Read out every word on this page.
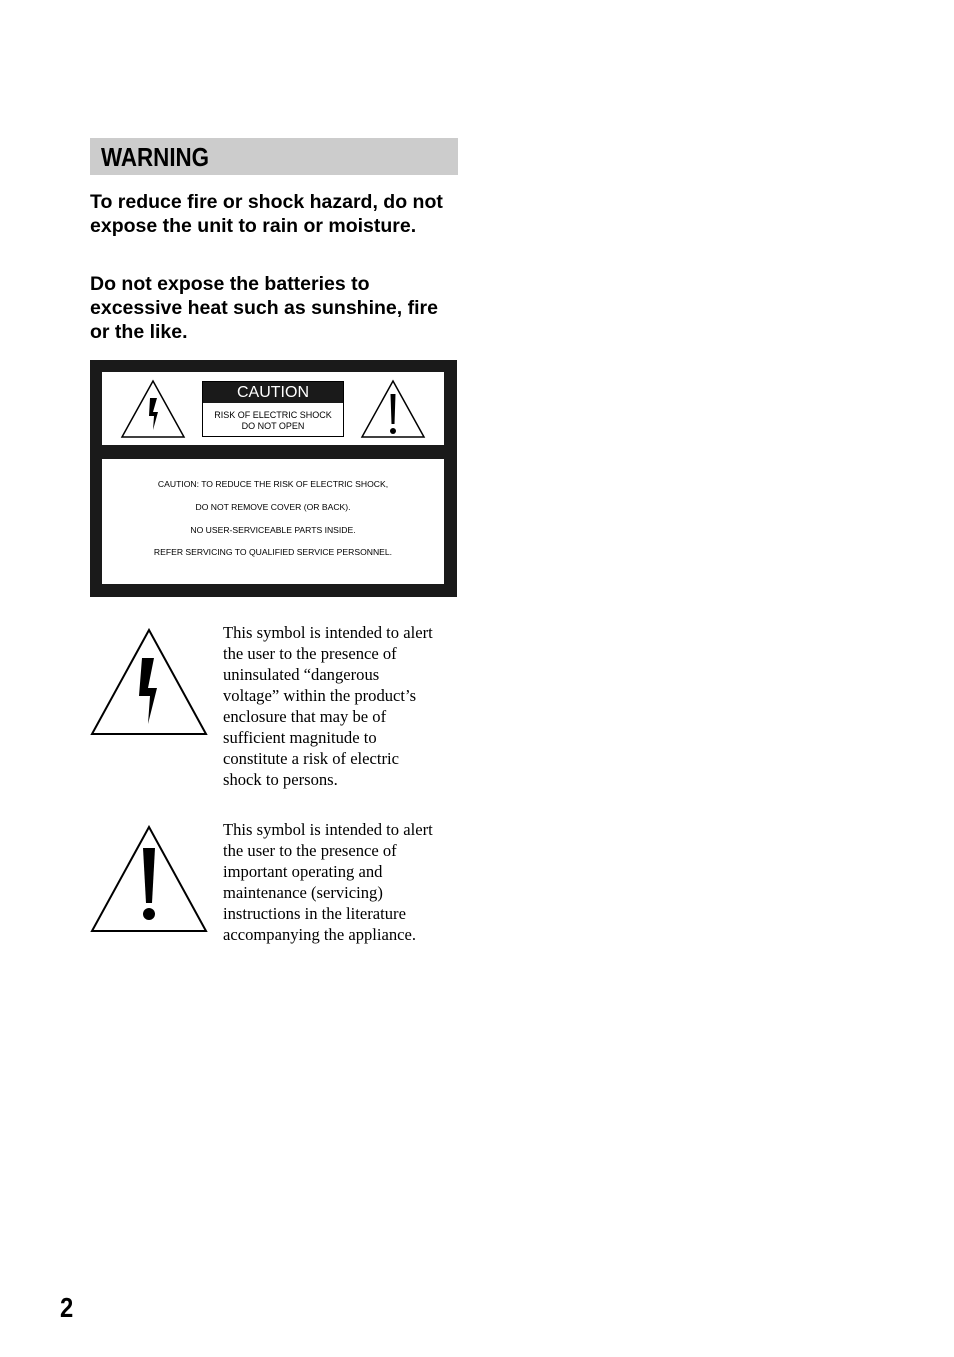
WARNING

To reduce fire or shock hazard, do not expose the unit to rain or moisture.

Do not expose the batteries to excessive heat such as sunshine, fire or the like.

CAUTION
RISK OF ELECTRIC SHOCK
DO NOT OPEN
CAUTION: TO REDUCE THE RISK OF ELECTRIC SHOCK,
DO NOT REMOVE COVER (OR BACK).
NO USER-SERVICEABLE PARTS INSIDE.
REFER SERVICING TO QUALIFIED SERVICE PERSONNEL.

This symbol is intended to alert
the user to the presence of
uninsulated “dangerous
voltage” within the product’s
enclosure that may be of
sufficient magnitude to
constitute a risk of electric
shock to persons.

This symbol is intended to alert
the user to the presence of
important operating and
maintenance (servicing)
instructions in the literature
accompanying the appliance.

2
